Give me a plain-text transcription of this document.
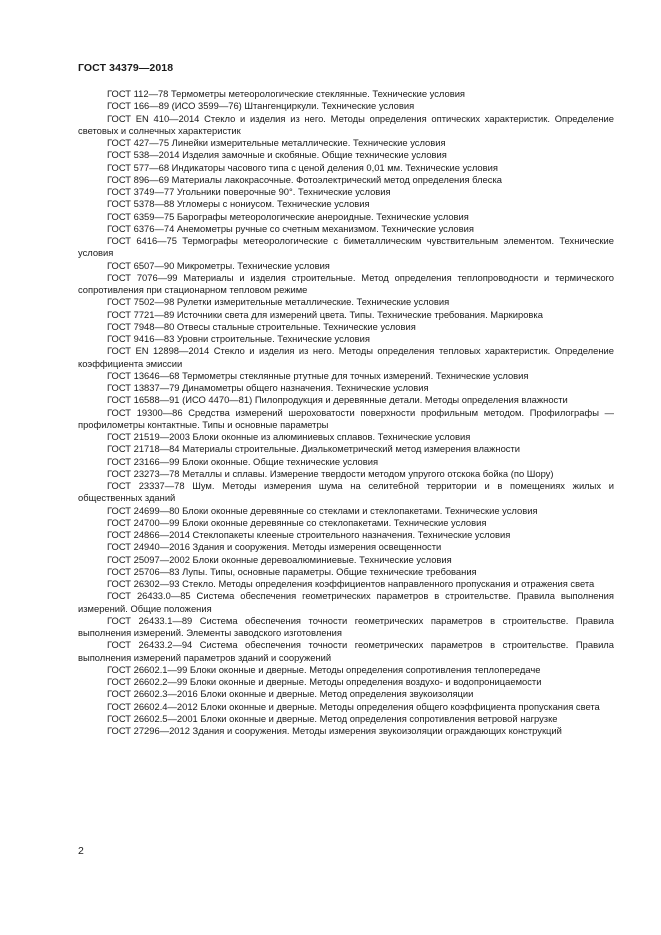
ГОСТ 34379—2018

ГОСТ 112—78 Термометры метеорологические стеклянные. Технические условия

ГОСТ 166—89 (ИСО 3599—76) Штангенциркули. Технические условия

ГОСТ EN 410—2014 Стекло и изделия из него. Методы определения оптических характеристик. Определение световых и солнечных характеристик

ГОСТ 427—75 Линейки измерительные металлические. Технические условия

ГОСТ 538—2014 Изделия замочные и скобяные. Общие технические условия

ГОСТ 577—68 Индикаторы часового типа с ценой деления 0,01 мм. Технические условия

ГОСТ 896—69 Материалы лакокрасочные. Фотоэлектрический метод определения блеска

ГОСТ 3749—77 Угольники поверочные 90°. Технические условия

ГОСТ 5378—88 Угломеры с нониусом. Технические условия

ГОСТ 6359—75 Барографы метеорологические анероидные. Технические условия

ГОСТ 6376—74 Анемометры ручные со счетным механизмом. Технические условия

ГОСТ 6416—75 Термографы метеорологические с биметаллическим чувствительным элементом. Технические условия

ГОСТ 6507—90 Микрометры. Технические условия

ГОСТ 7076—99 Материалы и изделия строительные. Метод определения теплопроводности и термического сопротивления при стационарном тепловом режиме

ГОСТ 7502—98 Рулетки измерительные металлические. Технические условия

ГОСТ 7721—89 Источники света для измерений цвета. Типы. Технические требования. Маркировка

ГОСТ 7948—80 Отвесы стальные строительные. Технические условия

ГОСТ 9416—83 Уровни строительные. Технические условия

ГОСТ EN 12898—2014 Стекло и изделия из него. Методы определения тепловых характеристик. Определение коэффициента эмиссии

ГОСТ 13646—68 Термометры стеклянные ртутные для точных измерений. Технические условия

ГОСТ 13837—79 Динамометры общего назначения. Технические условия

ГОСТ 16588—91 (ИСО 4470—81) Пилопродукция и деревянные детали. Методы определения влажности

ГОСТ 19300—86 Средства измерений шероховатости поверхности профильным методом. Профилографы — профилометры контактные. Типы и основные параметры

ГОСТ 21519—2003 Блоки оконные из алюминиевых сплавов. Технические условия

ГОСТ 21718—84 Материалы строительные. Диэлькометрический метод измерения влажности

ГОСТ 23166—99 Блоки оконные. Общие технические условия

ГОСТ 23273—78 Металлы и сплавы. Измерение твердости методом упругого отскока бойка (по Шору)

ГОСТ 23337—78 Шум. Методы измерения шума на селитебной территории и в помещениях жилых и общественных зданий

ГОСТ 24699—80 Блоки оконные деревянные со стеклами и стеклопакетами. Технические условия

ГОСТ 24700—99 Блоки оконные деревянные со стеклопакетами. Технические условия

ГОСТ 24866—2014 Стеклопакеты клееные строительного назначения. Технические условия

ГОСТ 24940—2016 Здания и сооружения. Методы измерения освещенности

ГОСТ 25097—2002 Блоки оконные деревоалюминиевые. Технические условия

ГОСТ 25706—83 Лупы. Типы, основные параметры. Общие технические требования

ГОСТ 26302—93 Стекло. Методы определения коэффициентов направленного пропускания и отражения света

ГОСТ 26433.0—85 Система обеспечения геометрических параметров в строительстве. Правила выполнения измерений. Общие положения

ГОСТ 26433.1—89 Система обеспечения точности геометрических параметров в строительстве. Правила выполнения измерений. Элементы заводского изготовления

ГОСТ 26433.2—94 Система обеспечения точности геометрических параметров в строительстве. Правила выполнения измерений параметров зданий и сооружений

ГОСТ 26602.1—99 Блоки оконные и дверные. Методы определения сопротивления теплопередаче

ГОСТ 26602.2—99 Блоки оконные и дверные. Методы определения воздухо- и водопроницаемости

ГОСТ 26602.3—2016 Блоки оконные и дверные. Метод определения звукоизоляции

ГОСТ 26602.4—2012 Блоки оконные и дверные. Методы определения общего коэффициента пропускания света

ГОСТ 26602.5—2001 Блоки оконные и дверные. Метод определения сопротивления ветровой нагрузке

ГОСТ 27296—2012 Здания и сооружения. Методы измерения звукоизоляции ограждающих конструкций

2
